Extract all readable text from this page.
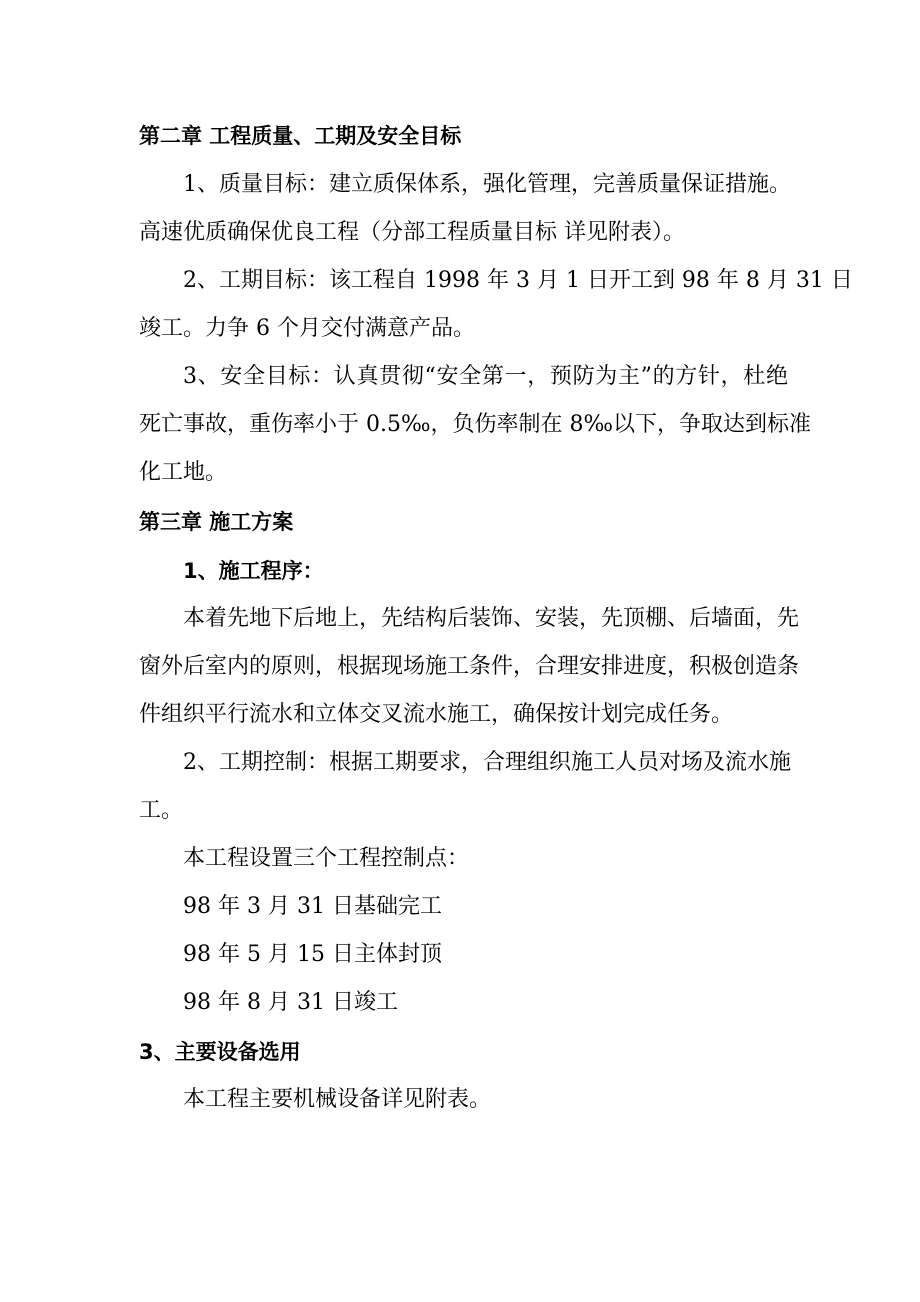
第二章 工程质量、工期及安全目标
1、质量目标：建立质保体系，强化管理，完善质量保证措施。
高速优质确保优良工程（分部工程质量目标 详见附表）。
2、工期目标：该工程自 1998 年 3 月 1 日开工到 98 年 8 月 31 日
竣工。力争 6 个月交付满意产品。
3、安全目标：认真贯彻“安全第一，预防为主”的方针，杜绝
死亡事故，重伤率小于 0.5‰，负伤率制在 8‰以下，争取达到标准
化工地。
第三章 施工方案
1、施工程序：
本着先地下后地上，先结构后装饰、安装，先顶棚、后墙面，先
窗外后室内的原则，根据现场施工条件，合理安排进度，积极创造条
件组织平行流水和立体交叉流水施工，确保按计划完成任务。
2、工期控制：根据工期要求，合理组织施工人员对场及流水施
工。
本工程设置三个工程控制点：
98 年 3 月 31 日基础完工
98 年 5 月 15 日主体封顶
98 年 8 月 31 日竣工
3、主要设备选用
本工程主要机械设备详见附表。
